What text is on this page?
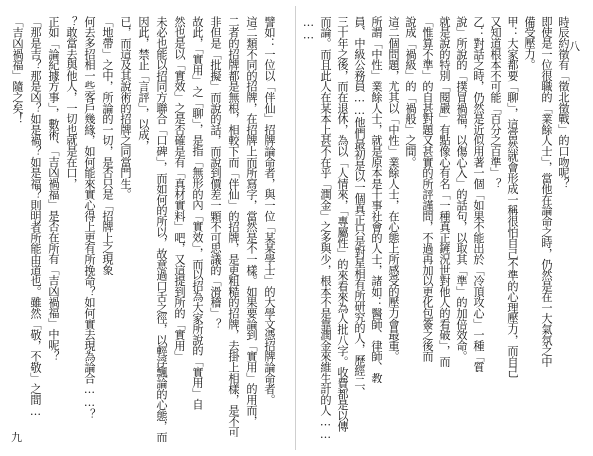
譬如：一位以「伴仙」招牌論命者，與一位「某某學士」的大學文憑招牌論命者。
這二類不同的招牌，在招牌上而所寫字，當然是不一樣。如果要論到「實用」的用而，
二者的招牌都是無根，相較下而「伴仙」的招牌，是更粗糙的招牌，去掛上相樣，是不可
非但是「批擬」而說的話，而說到價差一顆不可思議的「滑稽」？
故此，「實用」之「聊」，是指「無形的內「實效」，而以招為大家所說的「實用」自
然也是以「實效」之是否確是有「真材實料」吧，又這提到所的「實用」
未必也能以招同方聯合「口碑」，而如何的所以，故意過口舌之徑，以輕浮飄論的心態，而
因此，禁止「言評」，以成，
已，而這及其說術的招牌之同當門生。
「地帶」之中，所論的一切，是否只是「招牌上之現象
何去多招相一些客戶幾緣，如何能來實心得上更有所挽命？如何實去現為論合……？
？敢當去與他人，一切也就是在口，
正如「論紀據方事」，數術、「吉凶禍福」是否在所有「吉凶禍福」中呢？
「那是吉？那是凶？如是禍？如是福？則明者所能由道也。雖然「敬，不敬」之間…
「吉凶禍福」隨之矣！
九
時辰約徵有「徵北徵戰」的口吻呢？
即使是一位很職的「業餘人士」，當他在論命之時，仍然是在一大氣氛之中
備受壓力。
甲：大家都要「聊」，這當然就會形成一稱很怕自己不準的心理壓力，而自己
又知道根本不可能「百分之百準」？
乙：對話之時，仍然是近似用著一個「如果不能出於「冷頂攻心」一種「質
說」所說的「撲冒禍福，以傷心入」的話句，以取其「準」的加倍效命。
就是說的特別「閱嚴」有點像心有名「一種真正鏟況世對他人的看破」，而
「惟算不準」的自甚對題又甚實的所評謹問，不過再加以更化包簽之後而
說成「禍級」的「禍般」之間。
這二個問題，尤其以「中性」業餘人士，在心態上所感受的壓力會最重。
所謂「中性」業餘人士，就是原本是十事社會的人士，諸如：醫師、律師、教
員、中級公務員……他們最初是以一個真正只是對星相有所研究的人，歷經二、
三十年之後，而在退休，為以「人情來，「專屬性」的來看來為人批八字。收費都是以傳
而論。而且此人在某本上甚不在乎「潤金」之多與少，根本不是靠潤金來維生計的人……
……
八
